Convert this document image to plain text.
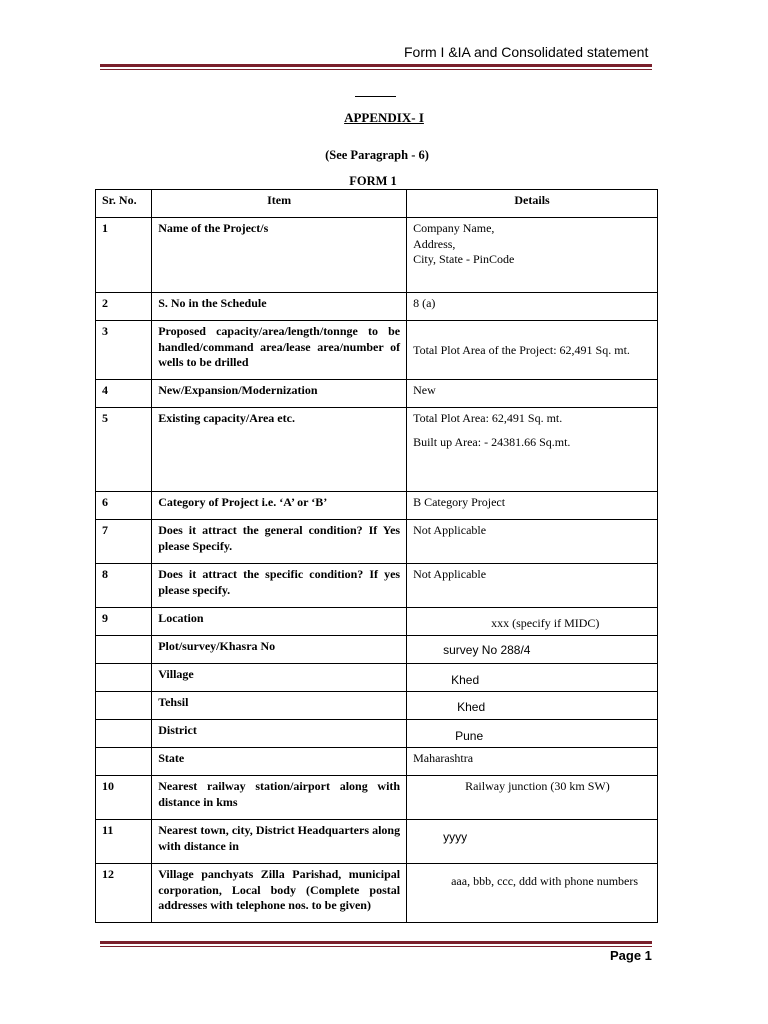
Form I &IA and Consolidated statement
APPENDIX- I
(See Paragraph - 6)
FORM 1
Sr. No.	Item	Details
1	Name of the Project/s	Company Name,
Address,
City, State - PinCode

2	S. No in the Schedule	8 (a)
3	Proposed capacity/area/length/tonnge to be handled/command area/lease area/number of wells to be drilled	Total Plot Area of the Project: 62,491 Sq. mt.
4	New/Expansion/Modernization	New
5	Existing capacity/Area etc.	Total Plot Area: 62,491 Sq. mt.
Built up Area: - 24381.66 Sq.mt.

6	Category of Project i.e. ‘A’ or ‘B’	B Category Project
7	Does it attract the general condition? If Yes please Specify.	Not Applicable
8	Does it attract the specific condition? If yes please specify.	Not Applicable
9	Location	xxx (specify if MIDC)
	Plot/survey/Khasra No	survey No 288/4
	Village	Khed
	Tehsil	Khed
	District	Pune
	State	Maharashtra
10	Nearest railway station/airport along with distance in kms	Railway junction (30 km SW)
11	Nearest town, city, District Headquarters along with distance in	yyyy
12	Village panchyats Zilla Parishad, municipal corporation, Local body (Complete postal addresses with telephone nos. to be given)	aaa, bbb, ccc, ddd with phone numbers
Page 1
